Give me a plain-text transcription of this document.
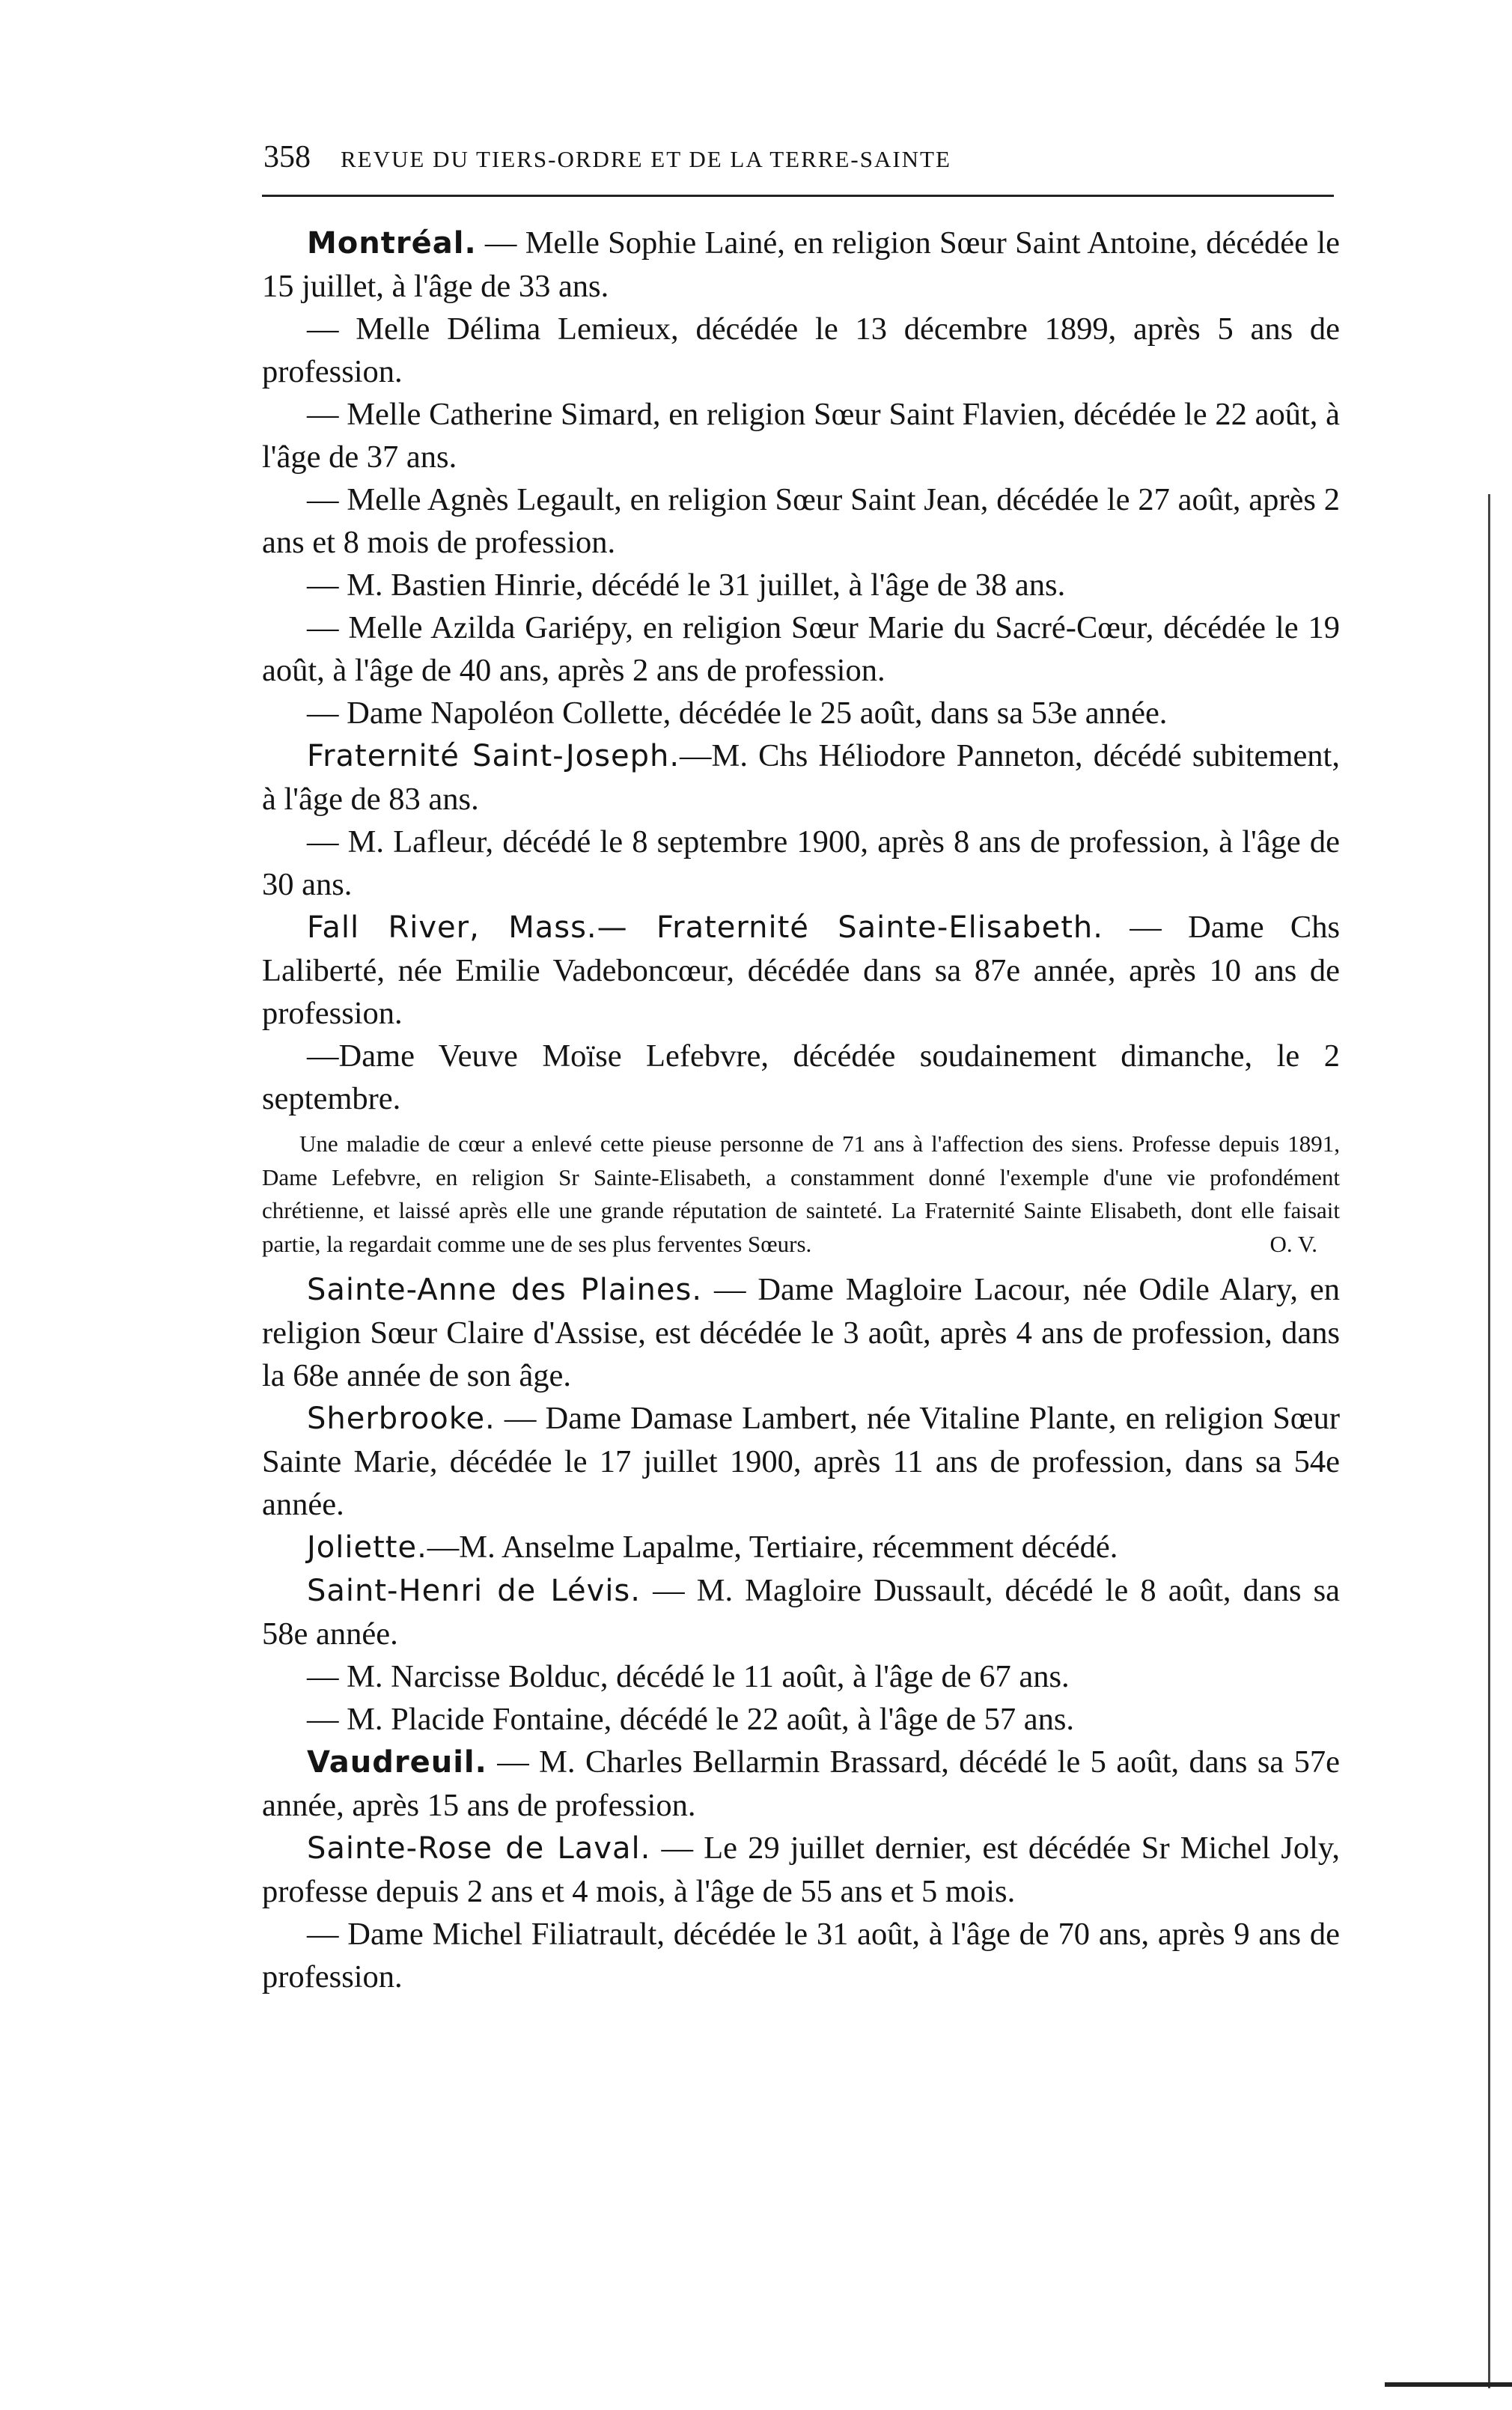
358 REVUE DU TIERS-ORDRE ET DE LA TERRE-SAINTE

Montréal. — Melle Sophie Lainé, en religion Sœur Saint Antoine, décédée le 15 juillet, à l'âge de 33 ans.

— Melle Délima Lemieux, décédée le 13 décembre 1899, après 5 ans de profession.

— Melle Catherine Simard, en religion Sœur Saint Flavien, décédée le 22 août, à l'âge de 37 ans.

— Melle Agnès Legault, en religion Sœur Saint Jean, décédée le 27 août, après 2 ans et 8 mois de profession.

— M. Bastien Hinrie, décédé le 31 juillet, à l'âge de 38 ans.

— Melle Azilda Gariépy, en religion Sœur Marie du Sacré-Cœur, décédée le 19 août, à l'âge de 40 ans, après 2 ans de profession.

— Dame Napoléon Collette, décédée le 25 août, dans sa 53e année.

Fraternité Saint-Joseph.—M. Chs Héliodore Panneton, décédé subitement, à l'âge de 83 ans.

— M. Lafleur, décédé le 8 septembre 1900, après 8 ans de profession, à l'âge de 30 ans.

Fall River, Mass.— Fraternité Sainte-Elisabeth. — Dame Chs Laliberté, née Emilie Vadeboncœur, décédée dans sa 87e année, après 10 ans de profession.

—Dame Veuve Moïse Lefebvre, décédée soudainement dimanche, le 2 septembre.

Une maladie de cœur a enlevé cette pieuse personne de 71 ans à l'affection des siens. Professe depuis 1891, Dame Lefebvre, en religion Sr Sainte-Elisabeth, a constamment donné l'exemple d'une vie profondément chrétienne, et laissé après elle une grande réputation de sainteté. La Fraternité Sainte Elisabeth, dont elle faisait partie, la regardait comme une de ses plus ferventes Sœurs.	O. V.

Sainte-Anne des Plaines. — Dame Magloire Lacour, née Odile Alary, en religion Sœur Claire d'Assise, est décédée le 3 août, après 4 ans de profession, dans la 68e année de son âge.

Sherbrooke. — Dame Damase Lambert, née Vitaline Plante, en religion Sœur Sainte Marie, décédée le 17 juillet 1900, après 11 ans de profession, dans sa 54e année.

Joliette.—M. Anselme Lapalme, Tertiaire, récemment décédé.

Saint-Henri de Lévis. — M. Magloire Dussault, décédé le 8 août, dans sa 58e année.

— M. Narcisse Bolduc, décédé le 11 août, à l'âge de 67 ans.

— M. Placide Fontaine, décédé le 22 août, à l'âge de 57 ans.

Vaudreuil. — M. Charles Bellarmin Brassard, décédé le 5 août, dans sa 57e année, après 15 ans de profession.

Sainte-Rose de Laval. — Le 29 juillet dernier, est décédée Sr Michel Joly, professe depuis 2 ans et 4 mois, à l'âge de 55 ans et 5 mois.

— Dame Michel Filiatrault, décédée le 31 août, à l'âge de 70 ans, après 9 ans de profession.
